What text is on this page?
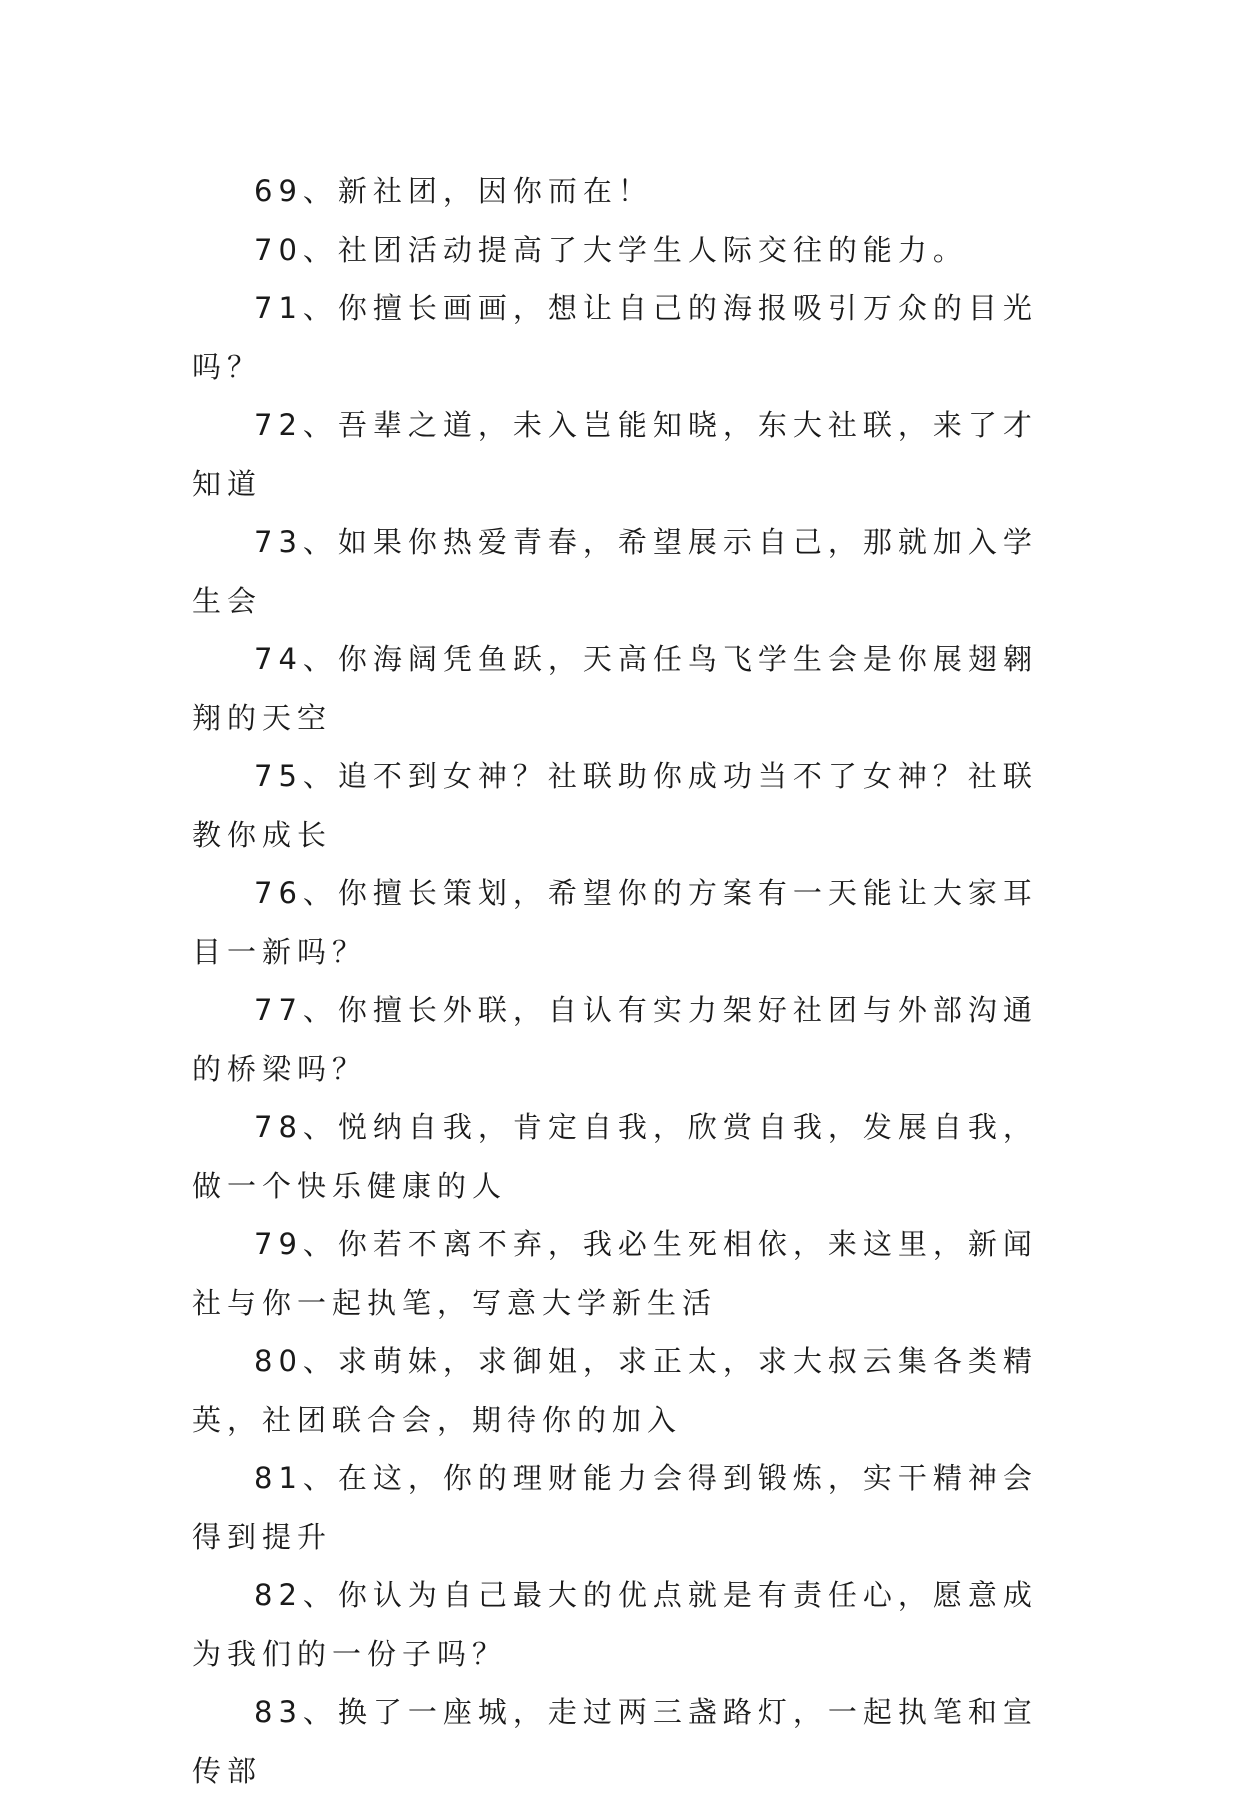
69、新社团，因你而在！

70、社团活动提高了大学生人际交往的能力。

71、你擅长画画，想让自己的海报吸引万众的目光吗？

72、吾辈之道，未入岂能知晓，东大社联，来了才知道

73、如果你热爱青春，希望展示自己，那就加入学生会

74、你海阔凭鱼跃，天高任鸟飞学生会是你展翅翱翔的天空

75、追不到女神？社联助你成功当不了女神？社联教你成长

76、你擅长策划，希望你的方案有一天能让大家耳目一新吗？

77、你擅长外联，自认有实力架好社团与外部沟通的桥梁吗？

78、悦纳自我，肯定自我，欣赏自我，发展自我，做一个快乐健康的人

79、你若不离不弃，我必生死相依，来这里，新闻社与你一起执笔，写意大学新生活

80、求萌妹，求御姐，求正太，求大叔云集各类精英，社团联合会，期待你的加入

81、在这，你的理财能力会得到锻炼，实干精神会得到提升

82、你认为自己最大的优点就是有责任心，愿意成为我们的一份子吗？

83、换了一座城，走过两三盏路灯，一起执笔和宣传部
